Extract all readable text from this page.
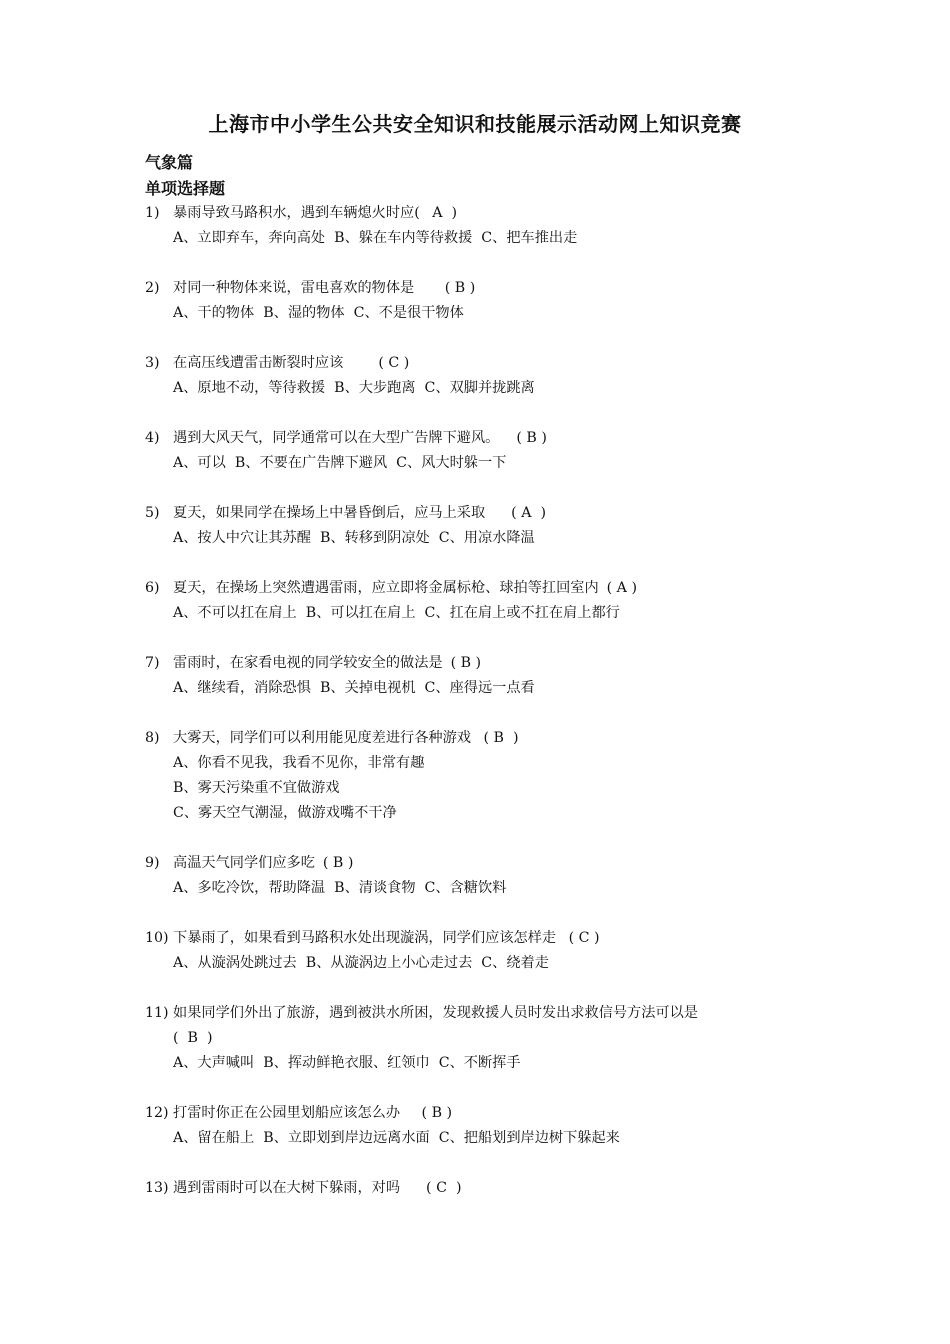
上海市中小学生公共安全知识和技能展示活动网上知识竞赛
气象篇
单项选择题
1) 暴雨导致马路积水，遇到车辆熄火时应( A  )
A、立即弃车，奔向高处  B、躲在车内等待救援  C、把车推出走
2) 对同一种物体来说，雷电喜欢的物体是 ( B )
A、干的物体  B、湿的物体  C、不是很干物体
3) 在高压线遭雷击断裂时应该 ( C )
A、原地不动，等待救援  B、大步跑离  C、双脚并拢跳离
4) 遇到大风天气，同学通常可以在大型广告牌下避风。 ( B )
A、可以  B、不要在广告牌下避风  C、风大时躲一下
5) 夏天，如果同学在操场上中暑昏倒后，应马上采取 ( A  )
A、按人中穴让其苏醒  B、转移到阴凉处  C、用凉水降温
6) 夏天，在操场上突然遭遇雷雨，应立即将金属标枪、球拍等扛回室内 ( A )
A、不可以扛在肩上  B、可以扛在肩上  C、扛在肩上或不扛在肩上都行
7) 雷雨时，在家看电视的同学较安全的做法是 ( B )
A、继续看，消除恐惧  B、关掉电视机  C、座得远一点看
8) 大雾天，同学们可以利用能见度差进行各种游戏 ( B  )
A、你看不见我，我看不见你，非常有趣
B、雾天污染重不宜做游戏
C、雾天空气潮湿，做游戏嘴不干净
9) 高温天气同学们应多吃 ( B )
A、多吃冷饮，帮助降温  B、清谈食物  C、含糖饮料
10) 下暴雨了，如果看到马路积水处出现漩涡，同学们应该怎样走 ( C )
A、从漩涡处跳过去  B、从漩涡边上小心走过去  C、绕着走
11) 如果同学们外出了旅游，遇到被洪水所困，发现救援人员时发出求救信号方法可以是
(  B  )
A、大声喊叫  B、挥动鲜艳衣服、红领巾  C、不断挥手
12) 打雷时你正在公园里划船应该怎么办 ( B )
A、留在船上  B、立即划到岸边远离水面  C、把船划到岸边树下躲起来
13) 遇到雷雨时可以在大树下躲雨，对吗 ( C  )
